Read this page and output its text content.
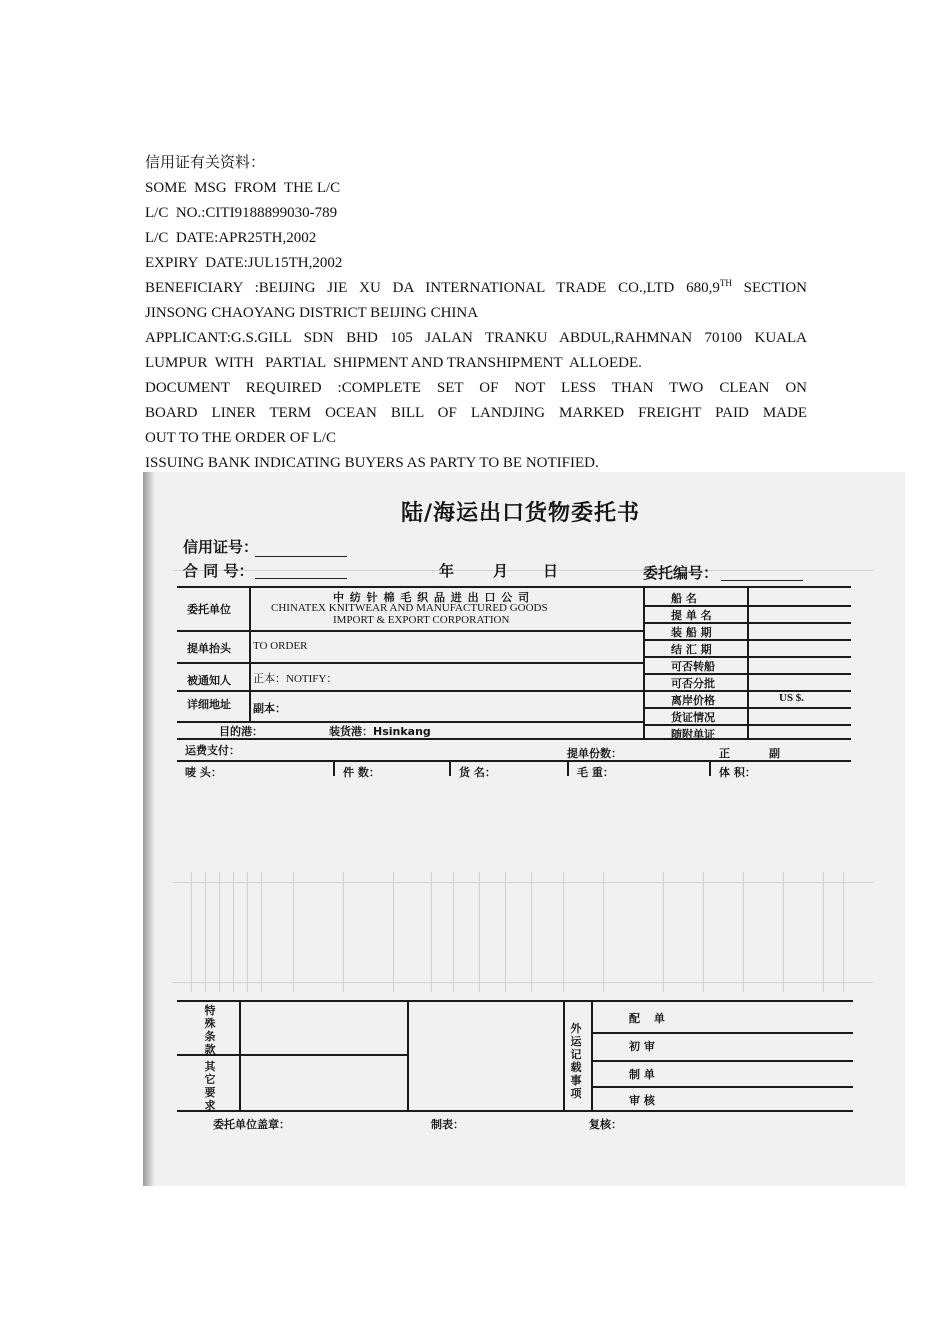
信用证有关资料：
SOME  MSG  FROM  THE L/C
L/C  NO.:CITI9188899030-789
L/C  DATE:APR25TH,2002
EXPIRY  DATE:JUL15TH,2002
BENEFICIARY :BEIJING JIE XU DA INTERNATIONAL TRADE CO.,LTD 680,9TH SECTION
JINSONG CHAOYANG DISTRICT BEIJING CHINA
APPLICANT:G.S.GILL SDN BHD 105 JALAN TRANKU ABDUL,RAHMNAN 70100 KUALA
LUMPUR  WITH   PARTIAL  SHIPMENT AND TRANSHIPMENT  ALLOEDE.
DOCUMENT REQUIRED :COMPLETE SET OF NOT LESS THAN TWO CLEAN ON
BOARD LINER TERM OCEAN BILL OF LANDJING MARKED FREIGHT PAID MADE
OUT TO THE ORDER OF L/C
ISSUING BANK INDICATING BUYERS AS PARTY TO BE NOTIFIED.
陆/海运出口货物委托书
信用证号：
合 同 号：	年	月 日	委托编号：
委托单位
中 纺 针 棉 毛 织 品 进 出 口 公 司
CHINATEX KNITWEAR AND MANUFACTURED GOODS
IMPORT & EXPORT CORPORATION
提单抬头 TO ORDER
被通知人 正本：NOTIFY：
详细地址 副本：
目的港：	装货港：Hsinkang
船 名
提 单 名
装 船 期
结 汇 期
可否转船
可否分批
离岸价格	US $.
货证情况
随附单证
运费支付：	提单份数：	正	副
唛 头：	件 数：	货 名：	毛 重：	体 积：
特殊条款
其它要求
外运记载事项
配 单
初 审
制 单
审 核
委托单位盖章：	制表：	复核：
